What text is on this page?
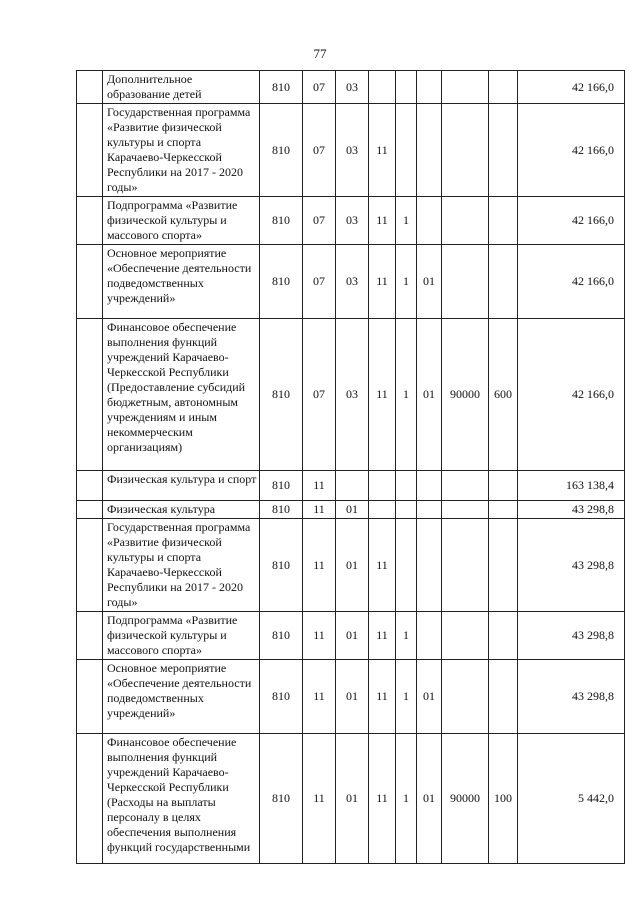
77
	Дополнительное образование детей	810	07	03						42 166,0
	Государственная программа «Развитие физической культуры и спорта Карачаево-Черкесской Республики на 2017 - 2020 годы»	810	07	03	11					42 166,0
	Подпрограмма «Развитие физической культуры и массового спорта»	810	07	03	11	1				42 166,0
	Основное мероприятие «Обеспечение деятельности подведомственных учреждений»	810	07	03	11	1	01			42 166,0
	Финансовое обеспечение выполнения функций учреждений Карачаево-Черкесской Республики (Предоставление субсидий бюджетным, автономным учреждениям и иным некоммерческим организациям)	810	07	03	11	1	01	90000	600	42 166,0
	Физическая культура и спорт	810	11							163 138,4
	Физическая культура	810	11	01						43 298,8
	Государственная программа «Развитие физической культуры и спорта Карачаево-Черкесской Республики на 2017 - 2020 годы»	810	11	01	11					43 298,8
	Подпрограмма «Развитие физической культуры и массового спорта»	810	11	01	11	1				43 298,8
	Основное мероприятие «Обеспечение деятельности подведомственных учреждений»	810	11	01	11	1	01			43 298,8
	Финансовое обеспечение выполнения функций учреждений Карачаево-Черкесской Республики (Расходы на выплаты персоналу в целях обеспечения выполнения функций государственными	810	11	01	11	1	01	90000	100	5 442,0
